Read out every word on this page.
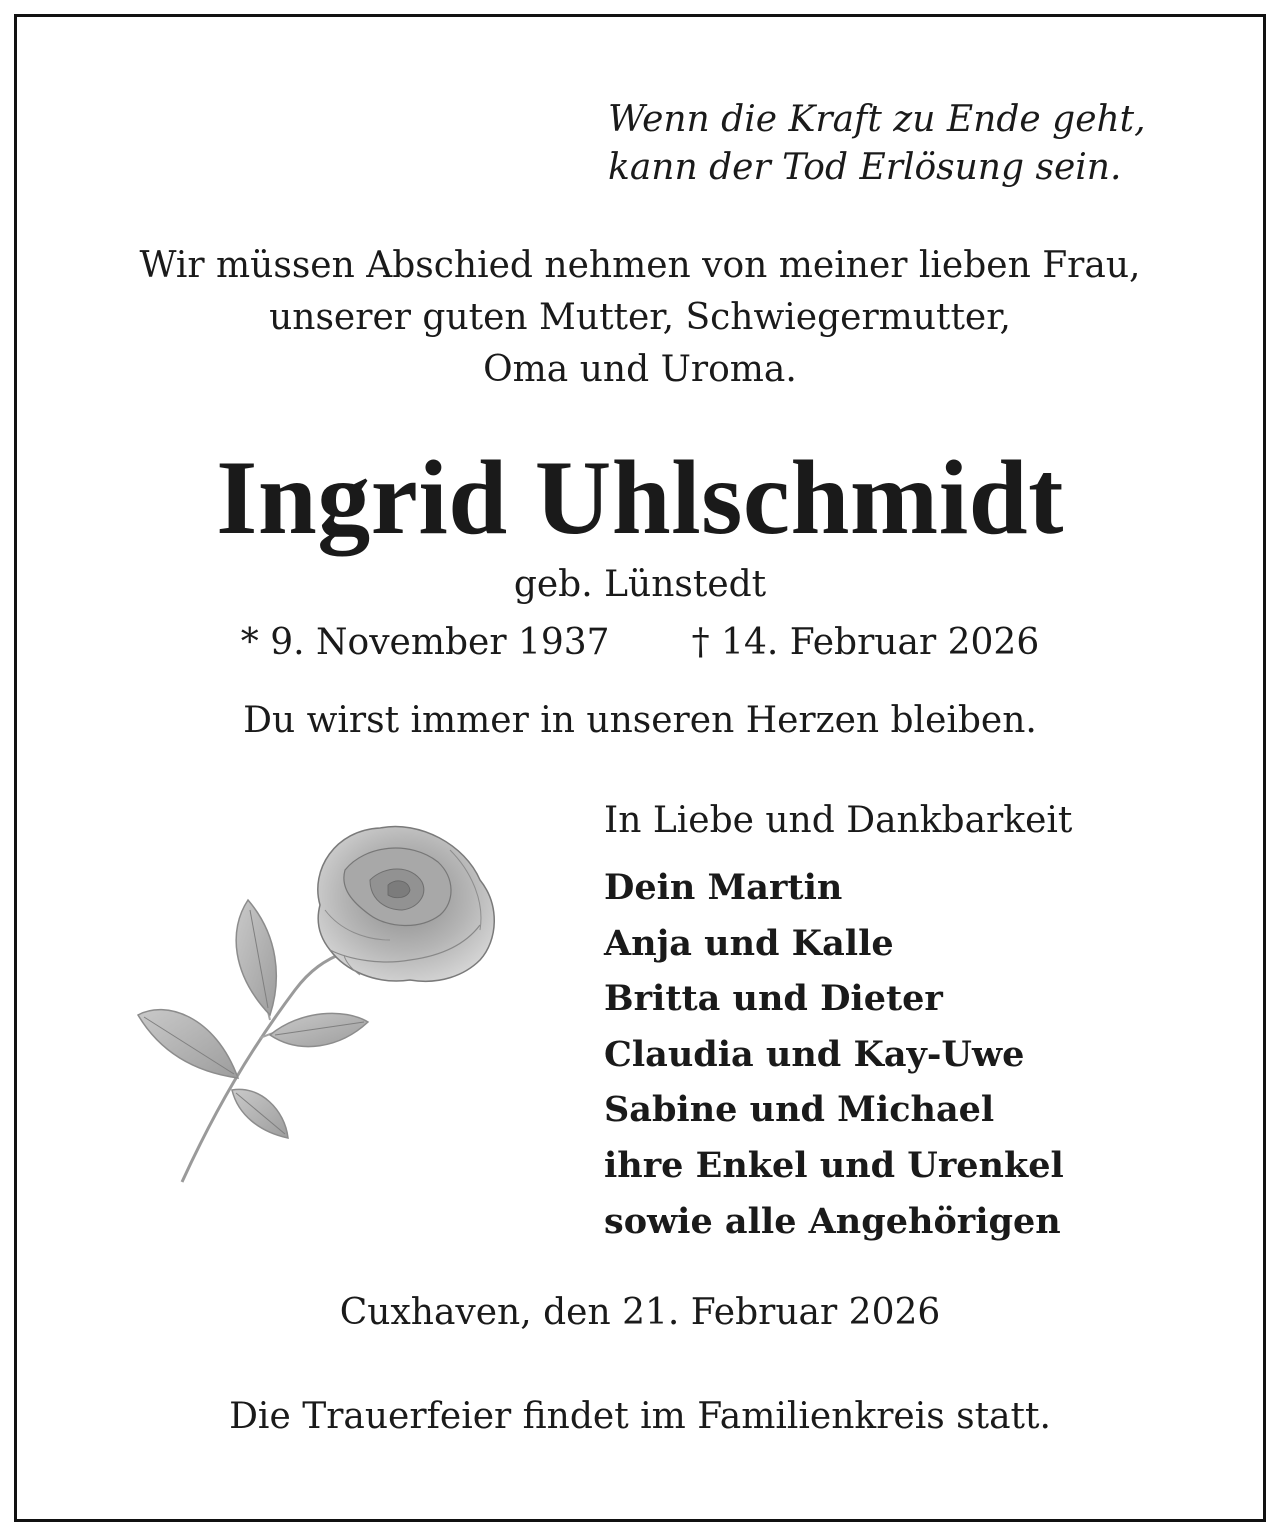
Wenn die Kraft zu Ende geht,
kann der Tod Erlösung sein.
Wir müssen Abschied nehmen von meiner lieben Frau,
unserer guten Mutter, Schwiegermutter,
Oma und Uroma.
Ingrid Uhlschmidt
geb. Lünstedt
* 9. November 1937 † 14. Februar 2026
Du wirst immer in unseren Herzen bleiben.
In Liebe und Dankbarkeit
Dein Martin
Anja und Kalle
Britta und Dieter
Claudia und Kay-Uwe
Sabine und Michael
ihre Enkel und Urenkel
sowie alle Angehörigen
Cuxhaven, den 21. Februar 2026
Die Trauerfeier findet im Familienkreis statt.
